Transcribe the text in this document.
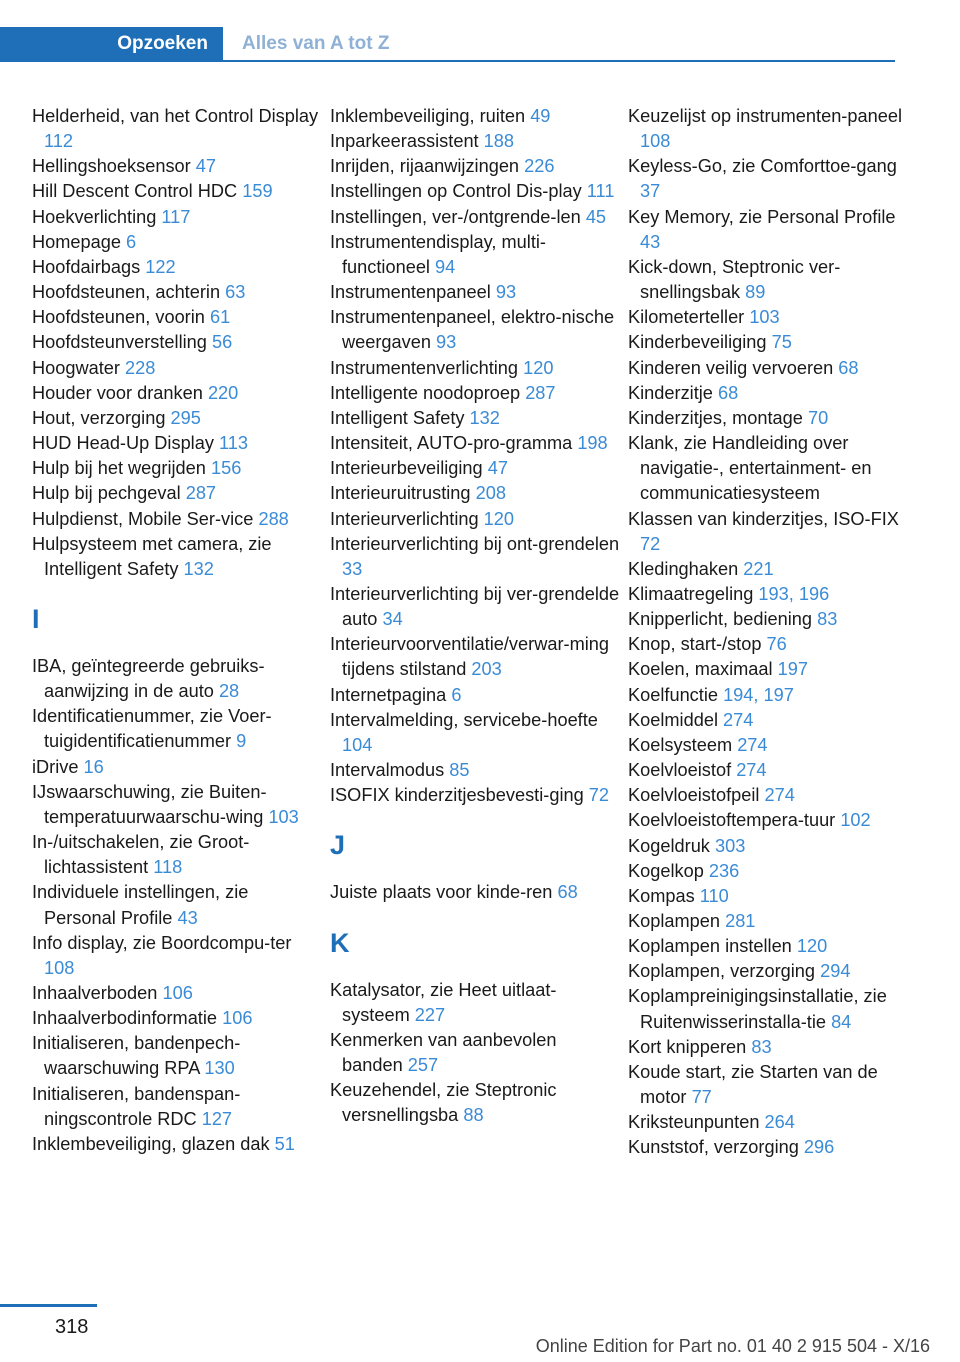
Opzoeken	Alles van A tot Z

Helderheid, van het Control Display 112

Hellingshoeksensor 47

Hill Descent Control HDC 159

Hoekverlichting 117

Homepage 6

Hoofdairbags 122

Hoofdsteunen, achterin 63

Hoofdsteunen, voorin 61

Hoofdsteunverstelling 56

Hoogwater 228

Houder voor dranken 220

Hout, verzorging 295

HUD Head-Up Display 113

Hulp bij het wegrijden 156

Hulp bij pechgeval 287

Hulpdienst, Mobile Ser-vice 288

Hulpsysteem met camera, zie Intelligent Safety 132

I

IBA, geïntegreerde gebruiks-aanwijzing in de auto 28

Identificatienummer, zie Voer-tuigidentificatienummer 9

iDrive 16

IJswaarschuwing, zie Buiten-temperatuurwaarschu-wing 103

In-/uitschakelen, zie Groot-lichtassistent 118

Individuele instellingen, zie Personal Profile 43

Info display, zie Boordcompu-ter 108

Inhaalverboden 106

Inhaalverbodinformatie 106

Initialiseren, bandenpech-waarschuwing RPA 130

Initialiseren, bandenspan-ningscontrole RDC 127

Inklembeveiliging, glazen dak 51

Inklembeveiliging, ruiten 49

Inparkeerassistent 188

Inrijden, rijaanwijzingen 226

Instellingen op Control Dis-play 111

Instellingen, ver-/ontgrende-len 45

Instrumentendisplay, multi-functioneel 94

Instrumentenpaneel 93

Instrumentenpaneel, elektro-nische weergaven 93

Instrumentenverlichting 120

Intelligente noodoproep 287

Intelligent Safety 132

Intensiteit, AUTO-pro-gramma 198

Interieurbeveiliging 47

Interieuruitrusting 208

Interieurverlichting 120

Interieurverlichting bij ont-grendelen 33

Interieurverlichting bij ver-grendelde auto 34

Interieurvoorventilatie/verwar-ming tijdens stilstand 203

Internetpagina 6

Intervalmelding, servicebe-hoefte 104

Intervalmodus 85

ISOFIX kinderzitjesbevesti-ging 72

J

Juiste plaats voor kinde-ren 68

K

Katalysator, zie Heet uitlaat-systeem 227

Kenmerken van aanbevolen banden 257

Keuzehendel, zie Steptronic versnellingsba 88

Keuzelijst op instrumenten-paneel 108

Keyless-Go, zie Comforttoe-gang 37

Key Memory, zie Personal Profile 43

Kick-down, Steptronic ver-snellingsbak 89

Kilometerteller 103

Kinderbeveiliging 75

Kinderen veilig vervoeren 68

Kinderzitje 68

Kinderzitjes, montage 70

Klank, zie Handleiding over navigatie-, entertainment- en communicatiesysteem

Klassen van kinderzitjes, ISO-FIX 72

Kledinghaken 221

Klimaatregeling 193, 196

Knipperlicht, bediening 83

Knop, start-/stop 76

Koelen, maximaal 197

Koelfunctie 194, 197

Koelmiddel 274

Koelsysteem 274

Koelvloeistof 274

Koelvloeistofpeil 274

Koelvloeistoftempera-tuur 102

Kogeldruk 303

Kogelkop 236

Kompas 110

Koplampen 281

Koplampen instellen 120

Koplampen, verzorging 294

Koplampreinigingsinstallatie, zie Ruitenwisserinstalla-tie 84

Kort knipperen 83

Koude start, zie Starten van de motor 77

Kriksteunpunten 264

Kunststof, verzorging 296

318
Online Edition for Part no. 01 40 2 915 504 - X/16
